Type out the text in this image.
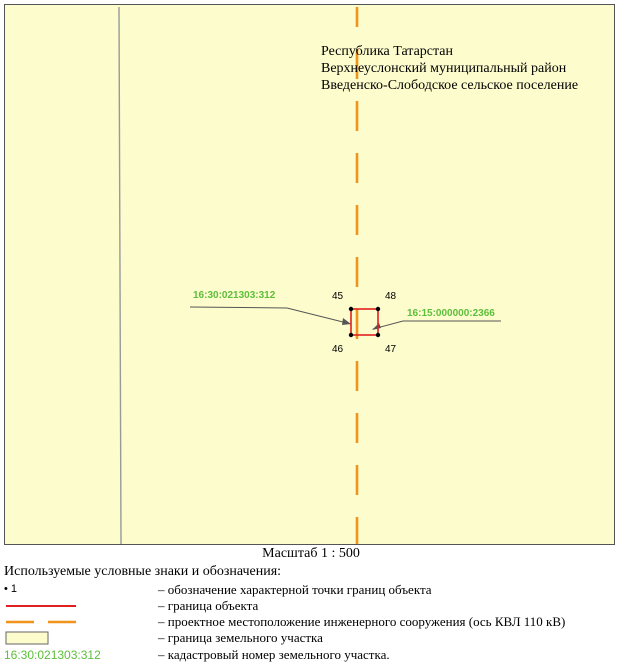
45	48
46	47
16:30:021303:312
16:15:000000:2366
Республика Татарстан
Верхнеуслонский муниципальный район
Введенско-Слободское сельское поселение
Масштаб 1 : 500
Используемые условные знаки и обозначения:
• 1	– обозначение характерной точки границ объекта
– граница объекта
– проектное местоположение инженерного сооружения (ось КВЛ 110 кВ)
– граница земельного участка
16:30:021303:312	– кадастровый номер земельного участка.
